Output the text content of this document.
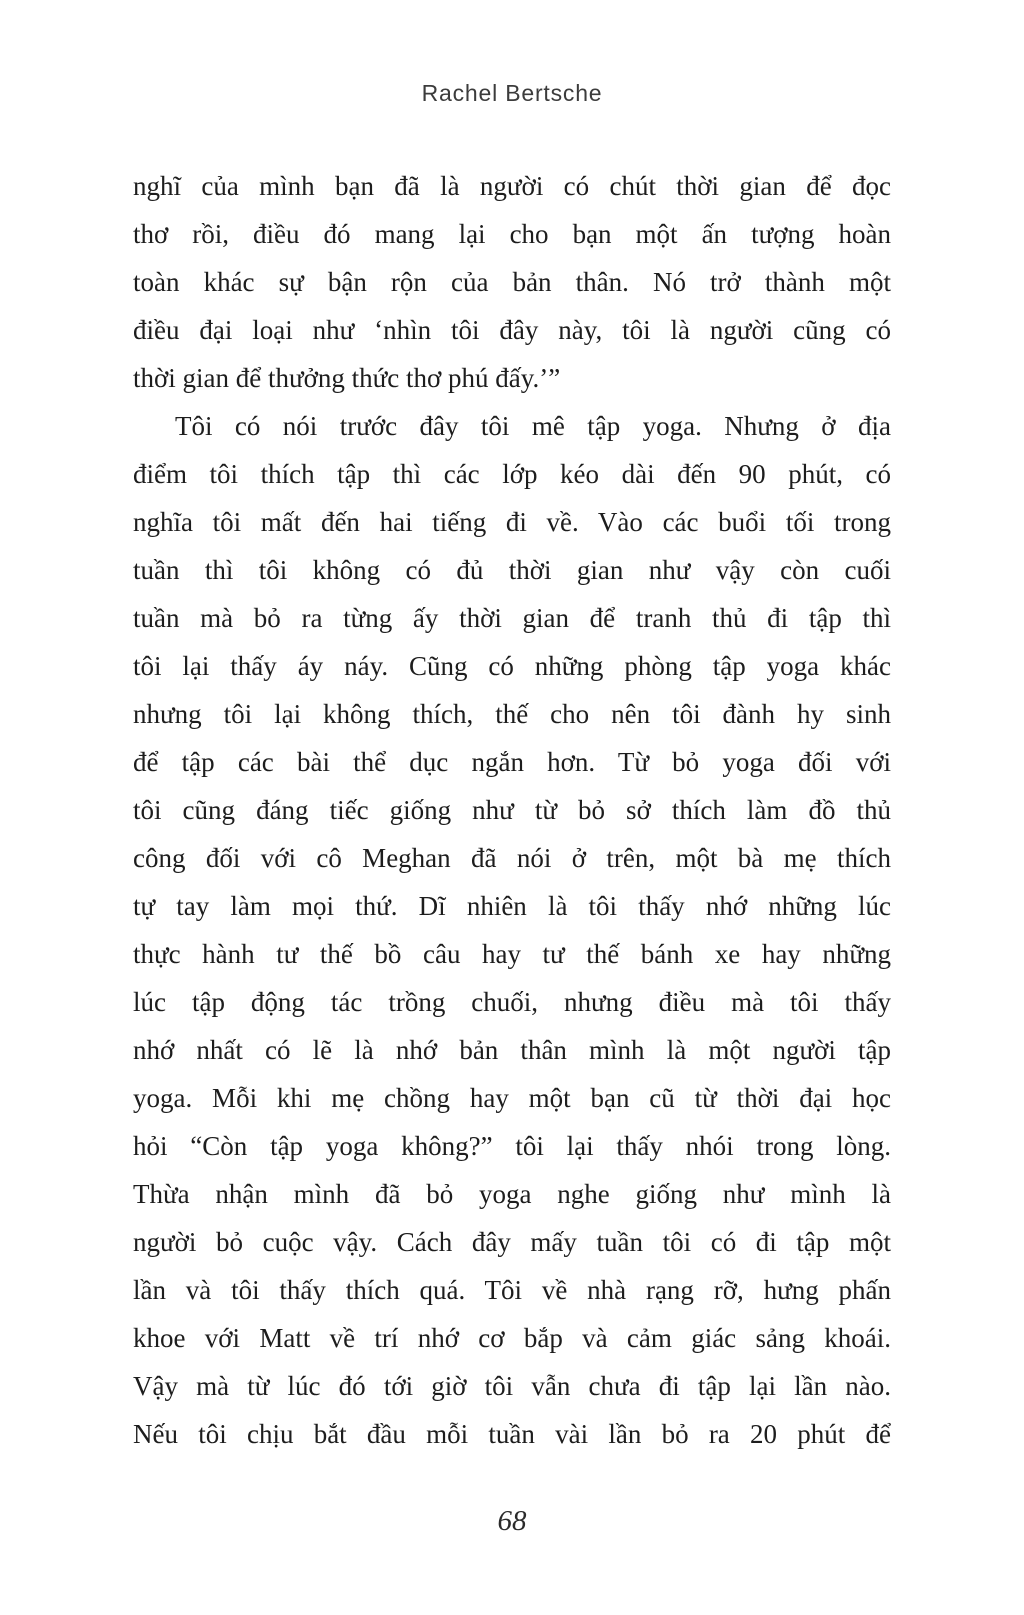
Rachel Bertsche
nghĩ của mình bạn đã là người có chút thời gian để đọc
thơ rồi, điều đó mang lại cho bạn một ấn tượng hoàn
toàn khác sự bận rộn của bản thân. Nó trở thành một
điều đại loại như ‘nhìn tôi đây này, tôi là người cũng có
thời gian để thưởng thức thơ phú đấy.’”
Tôi có nói trước đây tôi mê tập yoga. Nhưng ở địa
điểm tôi thích tập thì các lớp kéo dài đến 90 phút, có
nghĩa tôi mất đến hai tiếng đi về. Vào các buổi tối trong
tuần thì tôi không có đủ thời gian như vậy còn cuối
tuần mà bỏ ra từng ấy thời gian để tranh thủ đi tập thì
tôi lại thấy áy náy. Cũng có những phòng tập yoga khác
nhưng tôi lại không thích, thế cho nên tôi đành hy sinh
để tập các bài thể dục ngắn hơn. Từ bỏ yoga đối với
tôi cũng đáng tiếc giống như từ bỏ sở thích làm đồ thủ
công đối với cô Meghan đã nói ở trên, một bà mẹ thích
tự tay làm mọi thứ. Dĩ nhiên là tôi thấy nhớ những lúc
thực hành tư thế bồ câu hay tư thế bánh xe hay những
lúc tập động tác trồng chuối, nhưng điều mà tôi thấy
nhớ nhất có lẽ là nhớ bản thân mình là một người tập
yoga. Mỗi khi mẹ chồng hay một bạn cũ từ thời đại học
hỏi “Còn tập yoga không?” tôi lại thấy nhói trong lòng.
Thừa nhận mình đã bỏ yoga nghe giống như mình là
người bỏ cuộc vậy. Cách đây mấy tuần tôi có đi tập một
lần và tôi thấy thích quá. Tôi về nhà rạng rỡ, hưng phấn
khoe với Matt về trí nhớ cơ bắp và cảm giác sảng khoái.
Vậy mà từ lúc đó tới giờ tôi vẫn chưa đi tập lại lần nào.
Nếu tôi chịu bắt đầu mỗi tuần vài lần bỏ ra 20 phút để
68
